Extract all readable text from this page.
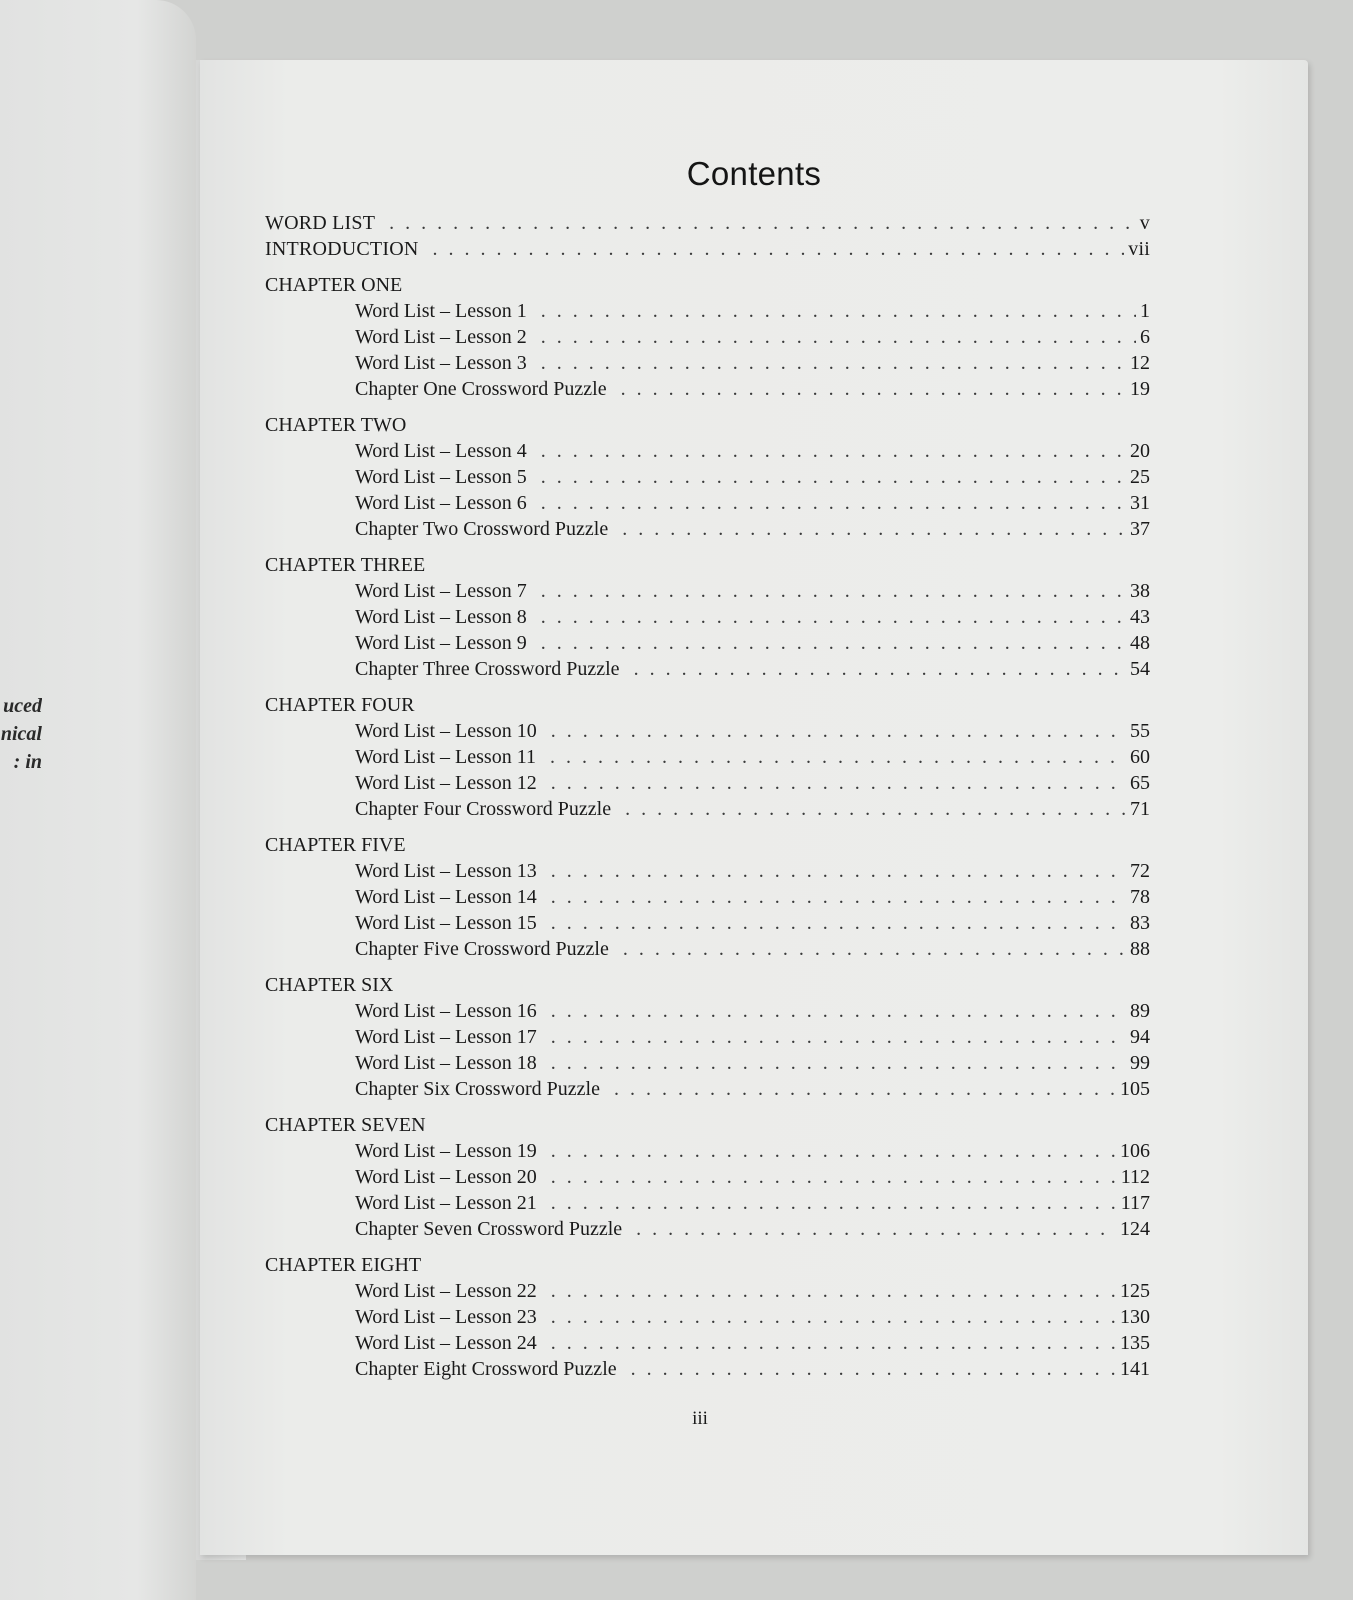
uced
nical
: in
Contents
WORD LIST . . .	v
INTRODUCTION . . .	vii
CHAPTER ONE
Word List – Lesson 1 . . .	1
Word List – Lesson 2 . . .	6
Word List – Lesson 3 . . .	12
Chapter One Crossword Puzzle . . .	19
CHAPTER TWO
Word List – Lesson 4 . . .	20
Word List – Lesson 5 . . .	25
Word List – Lesson 6 . . .	31
Chapter Two Crossword Puzzle . . .	37
CHAPTER THREE
Word List – Lesson 7 . . .	38
Word List – Lesson 8 . . .	43
Word List – Lesson 9 . . .	48
Chapter Three Crossword Puzzle . . .	54
CHAPTER FOUR
Word List – Lesson 10 . . .	55
Word List – Lesson 11 . . .	60
Word List – Lesson 12 . . .	65
Chapter Four Crossword Puzzle . . .	71
CHAPTER FIVE
Word List – Lesson 13 . . .	72
Word List – Lesson 14 . . .	78
Word List – Lesson 15 . . .	83
Chapter Five Crossword Puzzle . . .	88
CHAPTER SIX
Word List – Lesson 16 . . .	89
Word List – Lesson 17 . . .	94
Word List – Lesson 18 . . .	99
Chapter Six Crossword Puzzle . . .	105
CHAPTER SEVEN
Word List – Lesson 19 . . .	106
Word List – Lesson 20 . . .	112
Word List – Lesson 21 . . .	117
Chapter Seven Crossword Puzzle . . .	124
CHAPTER EIGHT
Word List – Lesson 22 . . .	125
Word List – Lesson 23 . . .	130
Word List – Lesson 24 . . .	135
Chapter Eight Crossword Puzzle . . .	141
iii
